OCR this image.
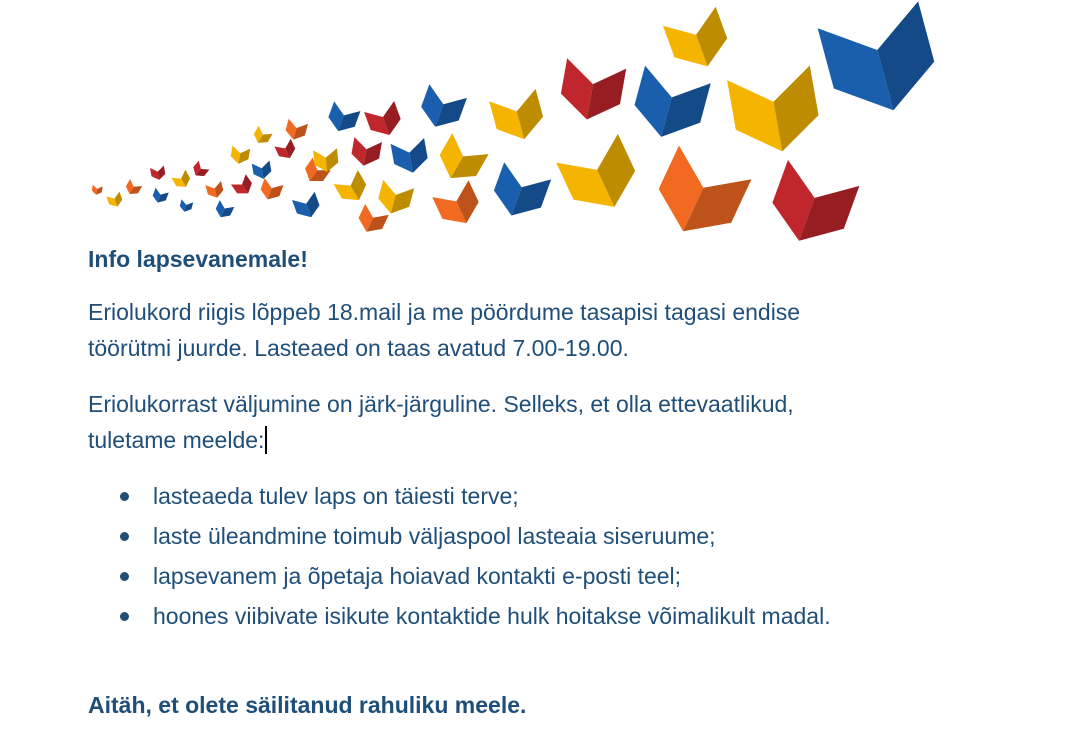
Info lapsevanemale!
Eriolukord riigis lõppeb 18.mail ja me pöördume tasapisi tagasi endise
töörütmi juurde. Lasteaed on taas avatud 7.00-19.00.
Eriolukorrast väljumine on järk-järguline. Selleks, et olla ettevaatlikud,
tuletame meelde:
lasteaeda tulev laps on täiesti terve;
laste üleandmine toimub väljaspool lasteaia siseruume;
lapsevanem ja õpetaja hoiavad kontakti e-posti teel;
hoones viibivate isikute kontaktide hulk hoitakse võimalikult madal.
Aitäh, et olete säilitanud rahuliku meele.
